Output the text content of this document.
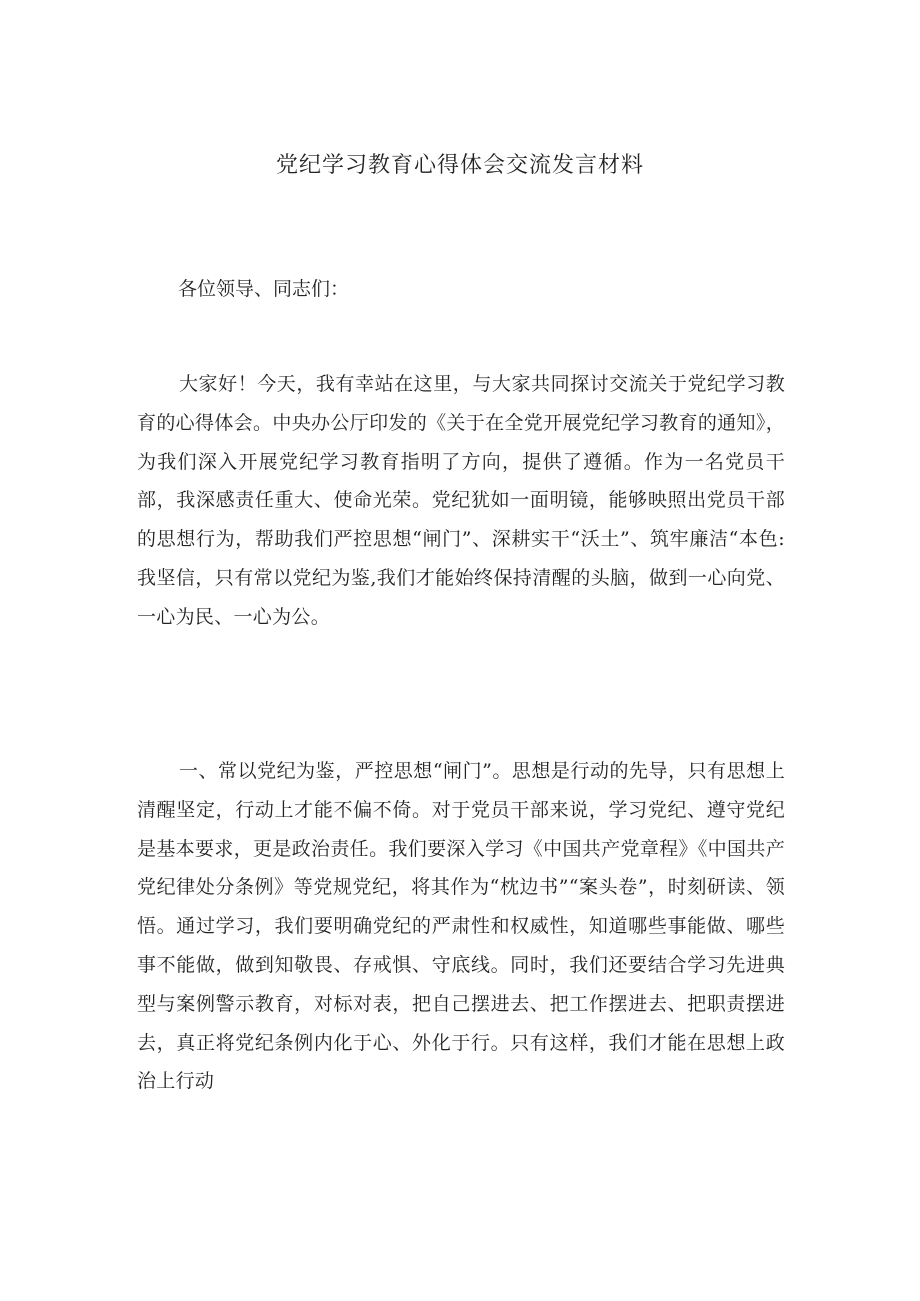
党纪学习教育心得体会交流发言材料

各位领导、同志们：

大家好！今天，我有幸站在这里，与大家共同探讨交流关于党纪学习教育的心得体会。中央办公厅印发的《关于在全党开展党纪学习教育的通知》，为我们深入开展党纪学习教育指明了方向，提供了遵循。作为一名党员干部，我深感责任重大、使命光荣。党纪犹如一面明镜，能够映照出党员干部的思想行为，帮助我们严控思想“闸门”、深耕实干“沃土”、筑牢廉洁“本色:我坚信，只有常以党纪为鉴,我们才能始终保持清醒的头脑，做到一心向党、一心为民、一心为公。

一、常以党纪为鉴，严控思想“闸门”。思想是行动的先导，只有思想上清醒坚定，行动上才能不偏不倚。对于党员干部来说，学习党纪、遵守党纪是基本要求，更是政治责任。我们要深入学习《中国共产党章程》《中国共产党纪律处分条例》等党规党纪，将其作为“枕边书”“案头卷”，时刻研读、领悟。通过学习，我们要明确党纪的严肃性和权威性，知道哪些事能做、哪些事不能做，做到知敬畏、存戒惧、守底线。同时，我们还要结合学习先进典型与案例警示教育，对标对表，把自己摆进去、把工作摆进去、把职责摆进去，真正将党纪条例内化于心、外化于行。只有这样，我们才能在思想上政治上行动
